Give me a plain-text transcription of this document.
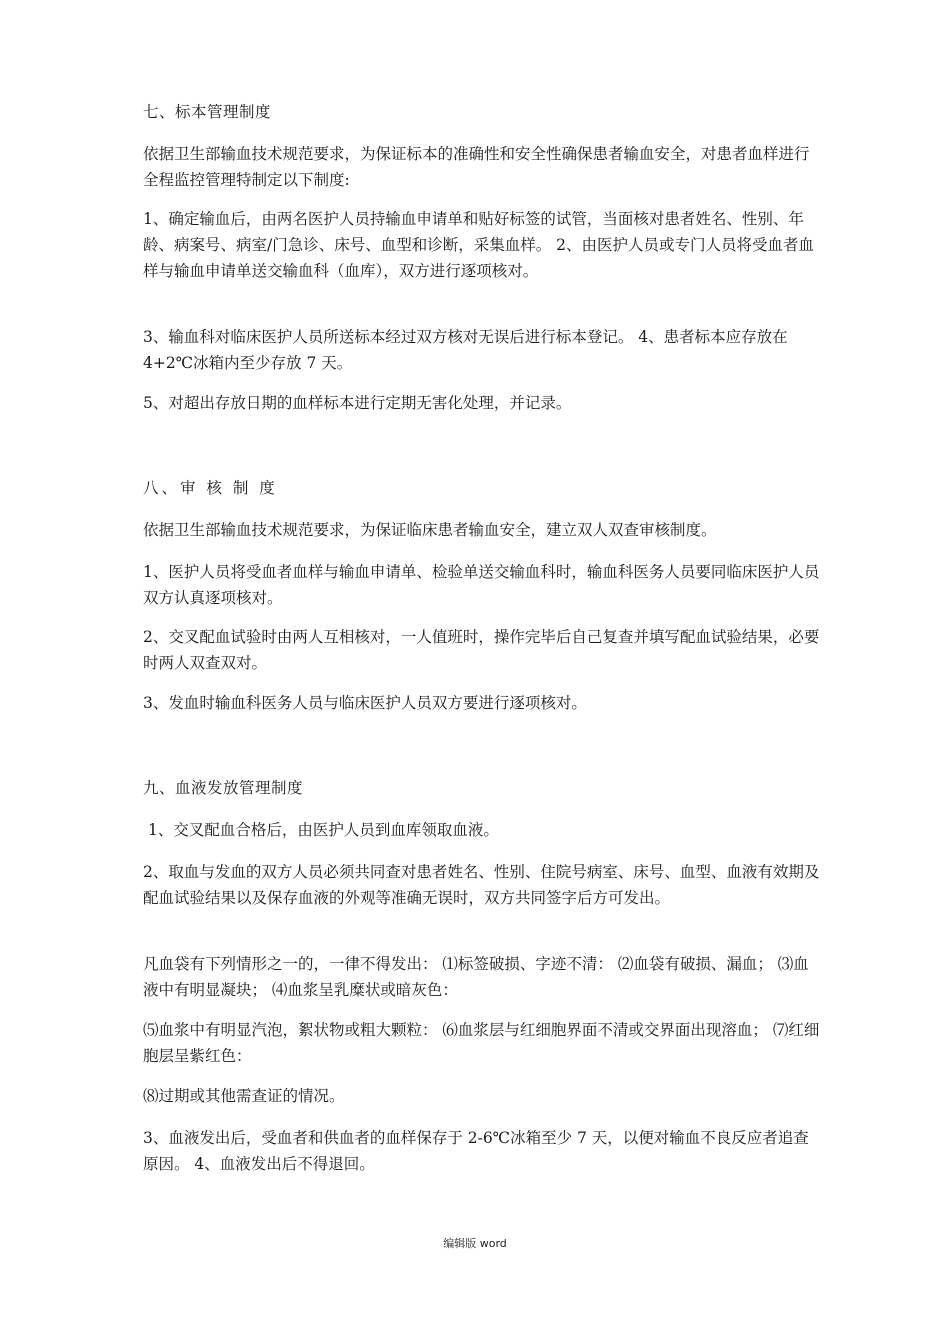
七、标本管理制度

依据卫生部输血技术规范要求，为保证标本的准确性和安全性确保患者输血安全，对患者血样进行全程监控管理特制定以下制度:

1、确定输血后，由两名医护人员持输血申请单和贴好标签的试管，当面核对患者姓名、性别、年龄、病案号、病室/门急诊、床号、血型和诊断，采集血样。 2、由医护人员或专门人员将受血者血样与输血申请单送交输血科（血库），双方进行逐项核对。

3、输血科对临床医护人员所送标本经过双方核对无误后进行标本登记。 4、患者标本应存放在 4+2℃冰箱内至少存放 7 天。

5、对超出存放日期的血样标本进行定期无害化处理，并记录。

八、审 核 制 度

依据卫生部输血技术规范要求，为保证临床患者输血安全，建立双人双查审核制度。

1、医护人员将受血者血样与输血申请单、检验单送交输血科时，输血科医务人员要同临床医护人员双方认真逐项核对。

2、交叉配血试验时由两人互相核对，一人值班时，操作完毕后自己复查并填写配血试验结果，必要时两人双查双对。

3、发血时输血科医务人员与临床医护人员双方要进行逐项核对。

九、血液发放管理制度

1、交叉配血合格后，由医护人员到血库领取血液。

2、取血与发血的双方人员必须共同查对患者姓名、性别、住院号病室、床号、血型、血液有效期及配血试验结果以及保存血液的外观等准确无误时，双方共同签字后方可发出。

凡血袋有下列情形之一的，一律不得发出： ⑴标签破损、字迹不清： ⑵血袋有破损、漏血； ⑶血液中有明显凝块； ⑷血浆呈乳糜状或暗灰色：

⑸血浆中有明显汽泡，絮状物或粗大颗粒： ⑹血浆层与红细胞界面不清或交界面出现溶血； ⑺红细胞层呈紫红色：

⑻过期或其他需查证的情况。

3、血液发出后，受血者和供血者的血样保存于 2-6℃冰箱至少 7 天，以便对输血不良反应者追查原因。 4、血液发出后不得退回。

编辑版 word
